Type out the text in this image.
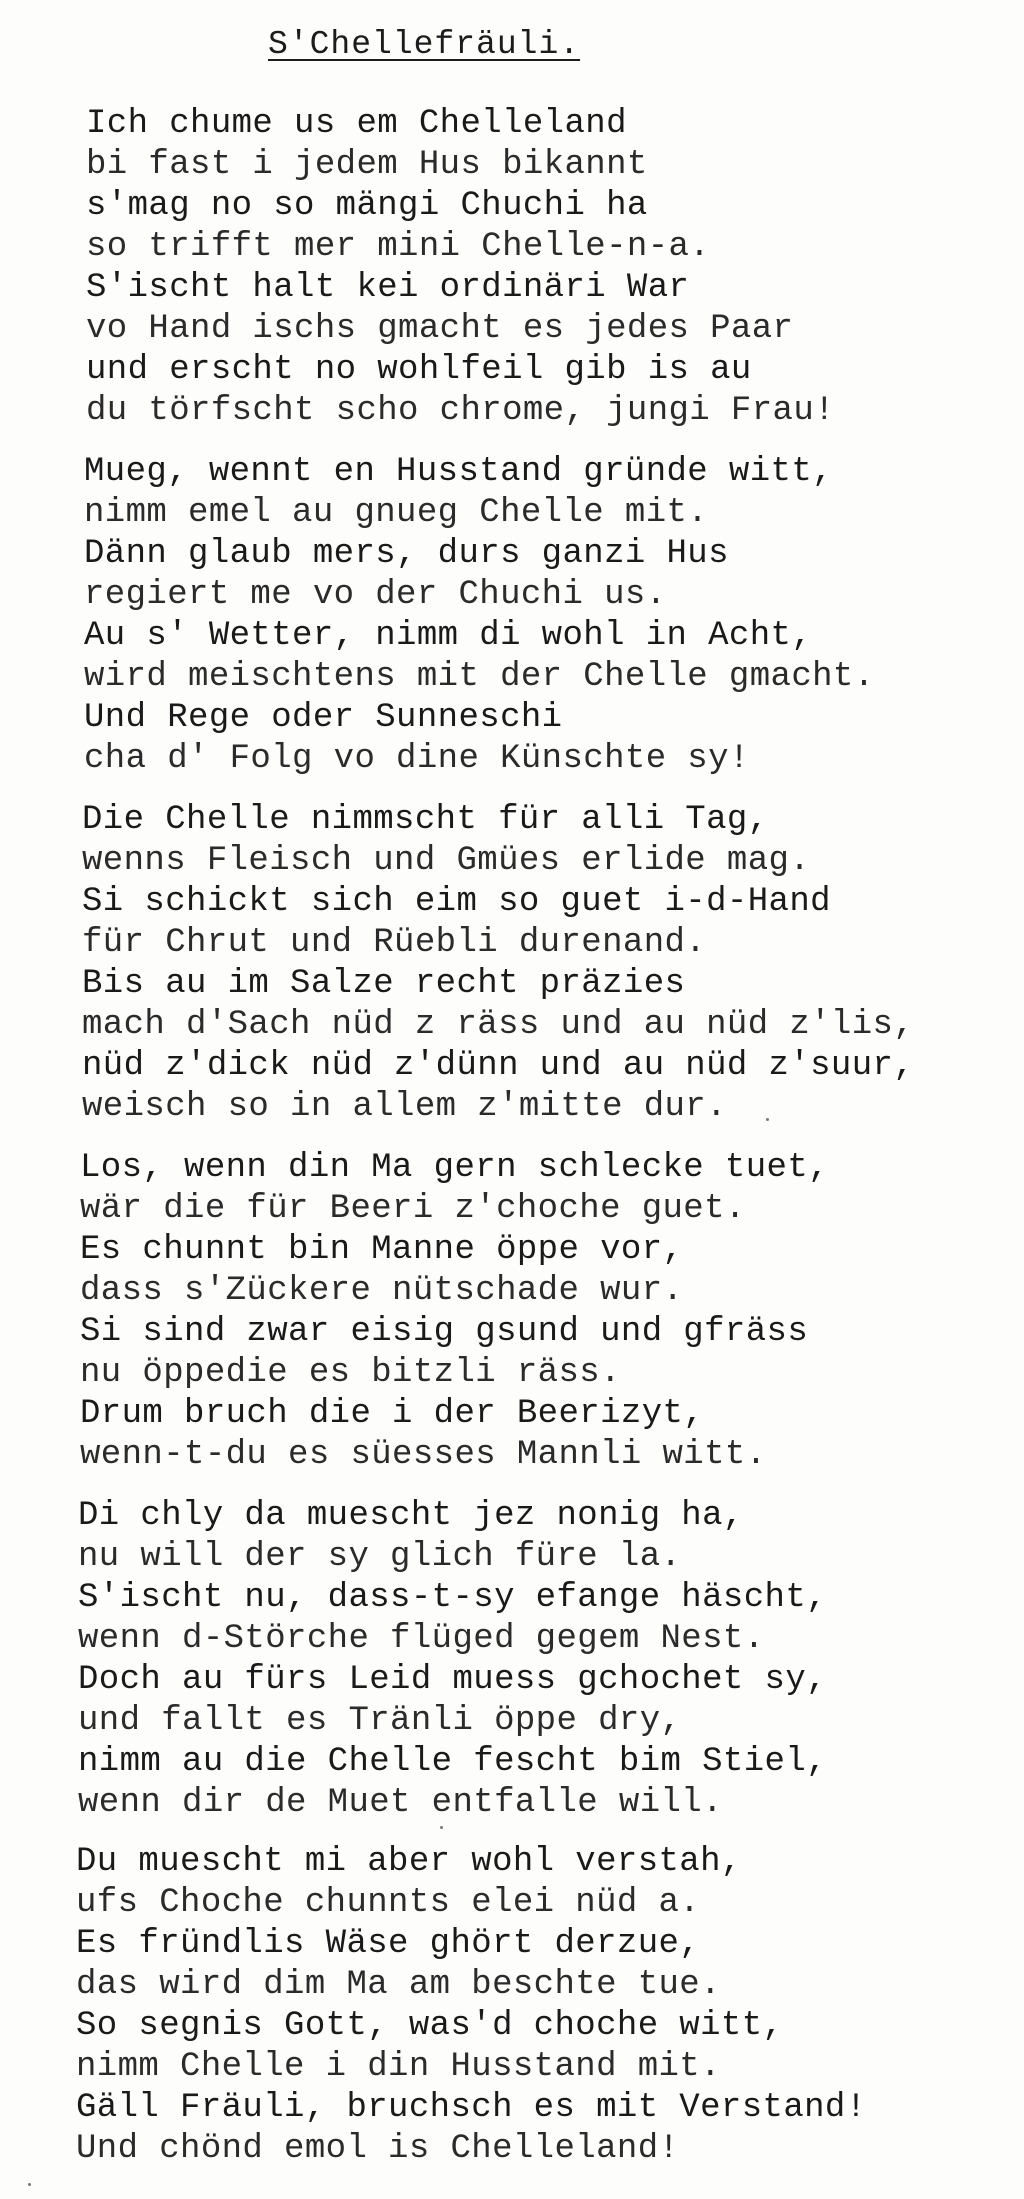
S'Chellefräuli.
Ich chume us em Chelleland
bi fast i jedem Hus bikannt
s'mag no so mängi Chuchi ha
so trifft mer mini Chelle-n-a.
S'ischt halt kei ordinäri War
vo Hand ischs gmacht es jedes Paar
und erscht no wohlfeil gib is au
du törfscht scho chrome, jungi Frau!
Mueg, wennt en Husstand gründe witt,
nimm emel au gnueg Chelle mit.
Dänn glaub mers, durs ganzi Hus
regiert me vo der Chuchi us.
Au s' Wetter, nimm di wohl in Acht,
wird meischtens mit der Chelle gmacht.
Und Rege oder Sunneschi
cha d' Folg vo dine Künschte sy!
Die Chelle nimmscht für alli Tag,
wenns Fleisch und Gmües erlide mag.
Si schickt sich eim so guet i-d-Hand
für Chrut und Rüebli durenand.
Bis au im Salze recht präzies
mach d'Sach nüd z räss und au nüd z'lis,
nüd z'dick nüd z'dünn und au nüd z'suur,
weisch so in allem z'mitte dur.
Los, wenn din Ma gern schlecke tuet,
wär die für Beeri z'choche guet.
Es chunnt bin Manne öppe vor,
dass s'Zückere nütschade wur.
Si sind zwar eisig gsund und gfräss
nu öppedie es bitzli räss.
Drum bruch die i der Beerizyt,
wenn-t-du es süesses Mannli witt.
Di chly da muescht jez nonig ha,
nu will der sy glich füre la.
S'ischt nu, dass-t-sy efange häscht,
wenn d-Störche flüged gegem Nest.
Doch au fürs Leid muess gchochet sy,
und fallt es Tränli öppe dry,
nimm au die Chelle fescht bim Stiel,
wenn dir de Muet entfalle will.
Du muescht mi aber wohl verstah,
ufs Choche chunnts elei nüd a.
Es fründlis Wäse ghört derzue,
das wird dim Ma am beschte tue.
So segnis Gott, was'd choche witt,
nimm Chelle i din Husstand mit.
Gäll Fräuli, bruchsch es mit Verstand!
Und chönd emol is Chelleland!
